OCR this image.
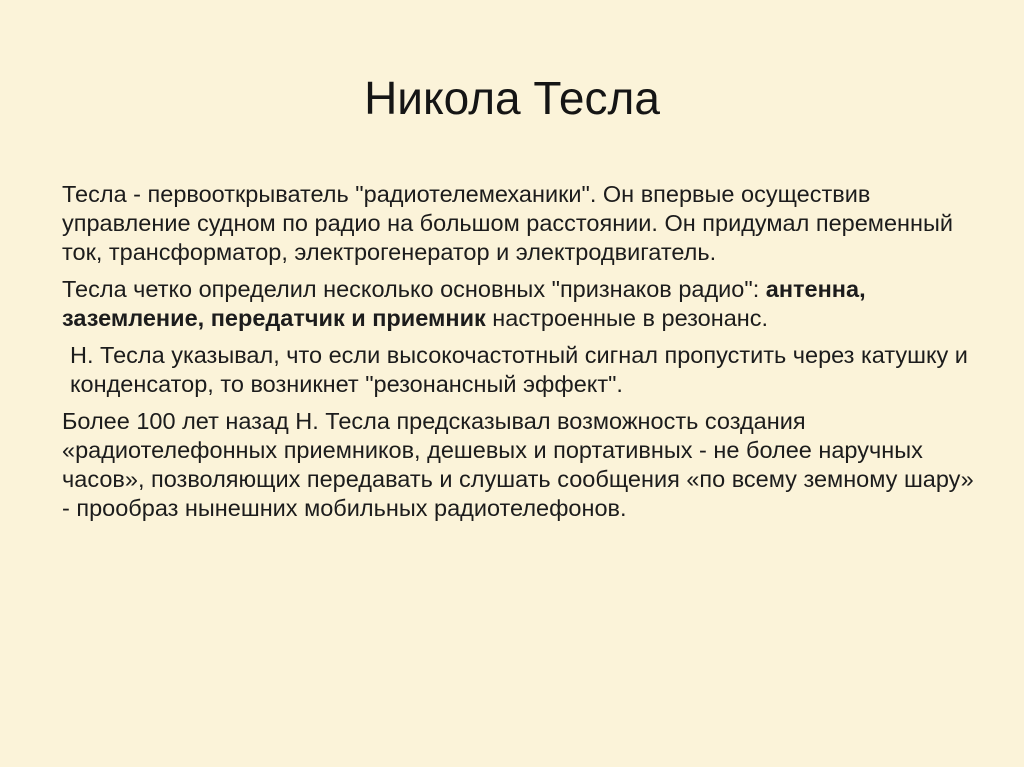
Никола Тесла

Тесла - первооткрыватель "радиотелемеханики". Он впервые осуществив управление судном по радио на большом расстоянии. Он придумал переменный ток, трансформатор, электрогенератор и электродвигатель.

Тесла четко определил несколько основных "признаков радио": антенна, заземление, передатчик и приемник настроенные в резонанс.

Н. Тесла указывал, что если высокочастотный сигнал пропустить через катушку и конденсатор, то возникнет "резонансный эффект".

Более 100 лет назад Н. Тесла предсказывал возможность создания «радиотелефонных приемников, дешевых и портативных - не более наручных часов», позволяющих передавать и слушать сообщения «по всему земному шару» - прообраз нынешних мобильных радиотелефонов.
